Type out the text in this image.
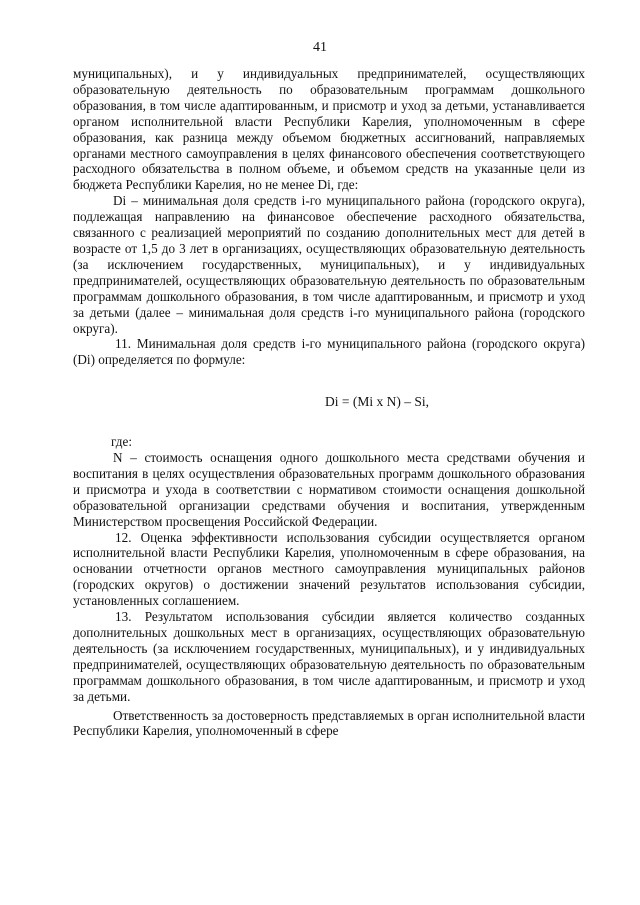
41

муниципальных), и у индивидуальных предпринимателей, осуществляющих образовательную деятельность по образовательным программам дошкольного образования, в том числе адаптированным, и присмотр и уход за детьми, устанавливается органом исполнительной власти Республики Карелия, уполномоченным в сфере образования, как разница между объемом бюджетных ассигнований, направляемых органами местного самоуправления в целях финансового обеспечения соответствующего расходного обязательства в полном объеме, и объемом средств на указанные цели из бюджета Республики Карелия, но не менее Di, где:

Di – минимальная доля средств i-го муниципального района (городского округа), подлежащая направлению на финансовое обеспечение расходного обязательства, связанного с реализацией мероприятий по созданию дополнительных мест для детей в возрасте от 1,5 до 3 лет в организациях, осуществляющих образовательную деятельность (за исключением государственных, муниципальных), и у индивидуальных предпринимателей, осуществляющих образовательную деятельность по образовательным программам дошкольного образования, в том числе адаптированным, и присмотр и уход за детьми (далее – минимальная доля средств i-го муниципального района (городского округа).

11. Минимальная доля средств i-го муниципального района (городского округа) (Di) определяется по формуле:

Di = (Mi x N) – Si,

где:

N – стоимость оснащения одного дошкольного места средствами обучения и воспитания в целях осуществления образовательных программ дошкольного образования и присмотра и ухода в соответствии с нормативом стоимости оснащения дошкольной образовательной организации средствами обучения и воспитания, утвержденным Министерством просвещения Российской Федерации.

12. Оценка эффективности использования субсидии осуществляется органом исполнительной власти Республики Карелия, уполномоченным в сфере образования, на основании отчетности органов местного самоуправления муниципальных районов (городских округов) о достижении значений результатов использования субсидии, установленных соглашением.

13. Результатом использования субсидии является количество созданных дополнительных дошкольных мест в организациях, осуществляющих образовательную деятельность (за исключением государственных, муниципальных), и у индивидуальных предпринимателей, осуществляющих образовательную деятельность по образовательным программам дошкольного образования, в том числе адаптированным, и присмотр и уход за детьми.

Ответственность за достоверность представляемых в орган исполнительной власти Республики Карелия, уполномоченный в сфере
